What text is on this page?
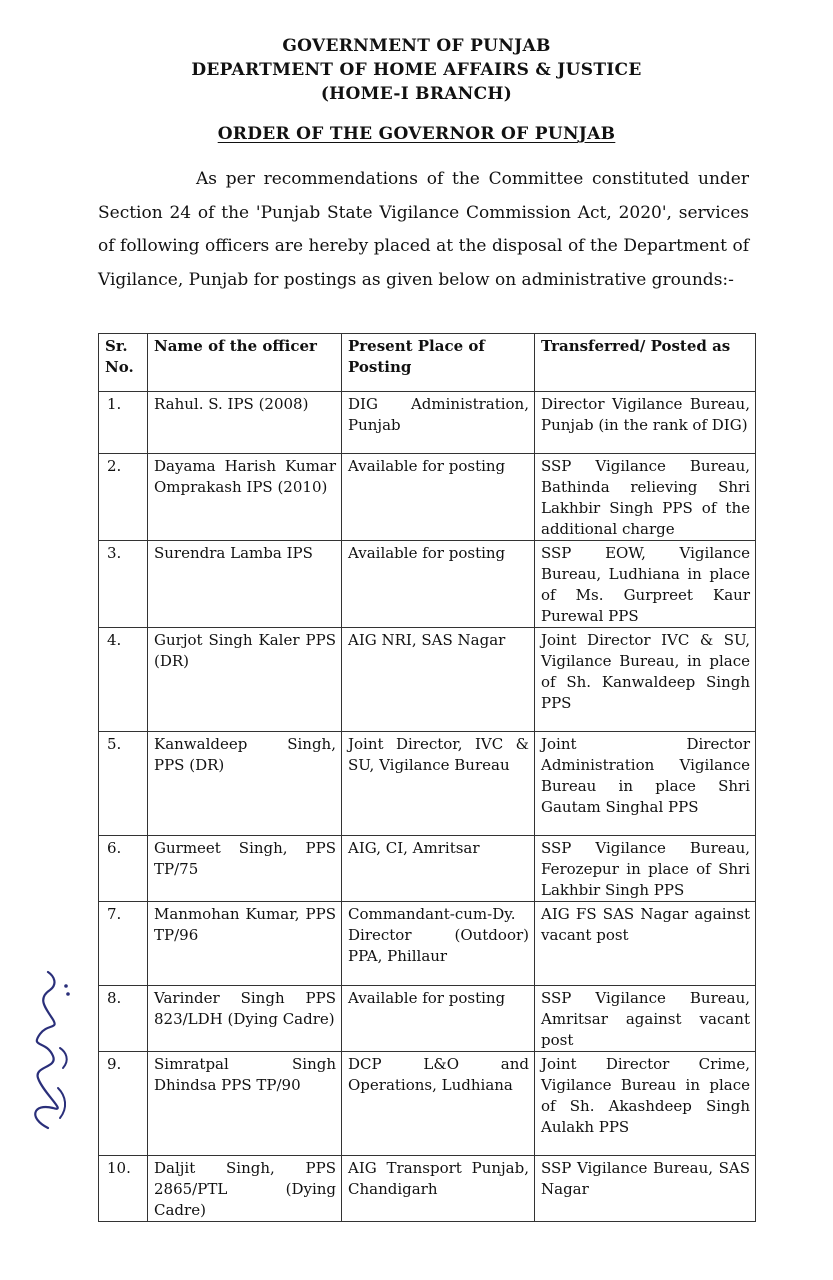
GOVERNMENT OF PUNJAB
DEPARTMENT OF HOME AFFAIRS & JUSTICE
(HOME-I BRANCH)
ORDER OF THE GOVERNOR OF PUNJAB
As per recommendations of the Committee constituted under Section 24 of the 'Punjab State Vigilance Commission Act, 2020', services of following officers are hereby placed at the disposal of the Department of Vigilance, Punjab for postings as given below on administrative grounds:-
Sr. No.	Name of the officer	Present Place of Posting	Transferred/ Posted as
1.	Rahul. S. IPS (2008)	DIG Administration, Punjab	Director Vigilance Bureau, Punjab (in the rank of DIG)
2.	Dayama Harish Kumar Omprakash IPS (2010)	Available for posting	SSP Vigilance Bureau, Bathinda relieving Shri Lakhbir Singh PPS of the additional charge
3.	Surendra Lamba IPS	Available for posting	SSP EOW, Vigilance Bureau, Ludhiana in place of Ms. Gurpreet Kaur Purewal PPS
4.	Gurjot Singh Kaler PPS (DR)	AIG NRI, SAS Nagar	Joint Director IVC & SU, Vigilance Bureau, in place of Sh. Kanwaldeep Singh PPS
5.	Kanwaldeep Singh, PPS (DR)	Joint Director, IVC & SU, Vigilance Bureau	Joint Director Administration Vigilance Bureau in place Shri Gautam Singhal PPS
6.	Gurmeet Singh, PPS TP/75	AIG, CI, Amritsar	SSP Vigilance Bureau, Ferozepur in place of Shri Lakhbir Singh PPS
7.	Manmohan Kumar, PPS TP/96	Commandant-cum-Dy. Director (Outdoor) PPA, Phillaur	AIG FS SAS Nagar against vacant post
8.	Varinder Singh PPS 823/LDH (Dying Cadre)	Available for posting	SSP Vigilance Bureau, Amritsar against vacant post
9.	Simratpal Singh Dhindsa PPS TP/90	DCP L&O and Operations, Ludhiana	Joint Director Crime, Vigilance Bureau in place of Sh. Akashdeep Singh Aulakh PPS
10.	Daljit Singh, PPS 2865/PTL (Dying Cadre)	AIG Transport Punjab, Chandigarh	SSP Vigilance Bureau, SAS Nagar
